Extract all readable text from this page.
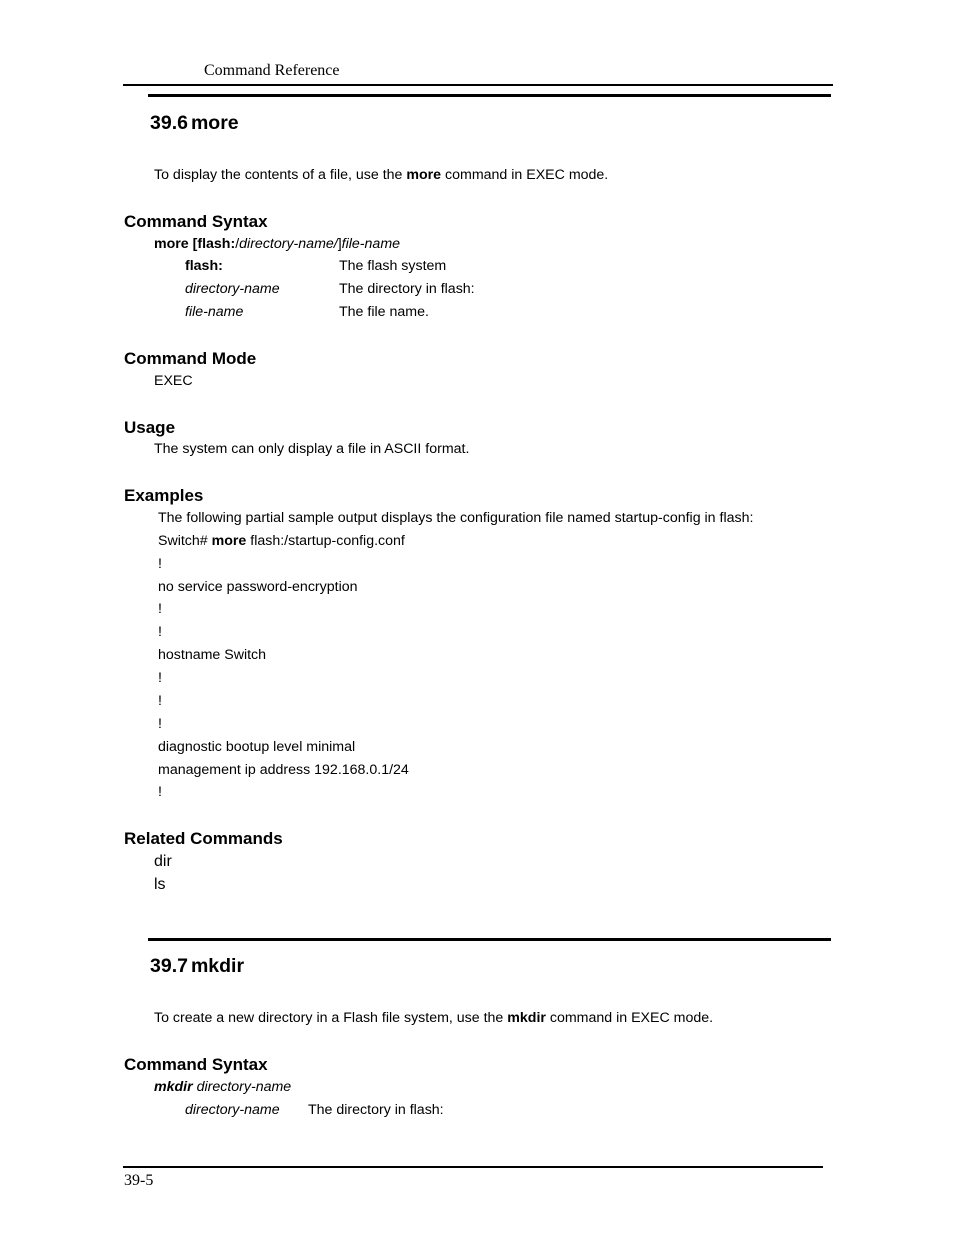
Command Reference
39.6 more
To display the contents of a file, use the more command in EXEC mode.
Command Syntax
more [flash:/directory-name/]file-name
flash:	The flash system
directory-name	The directory in flash:
file-name	The file name.
Command Mode
EXEC
Usage
The system can only display a file in ASCII format.
Examples
The following partial sample output displays the configuration file named startup-config in flash:
Switch# more flash:/startup-config.conf
!
no service password-encryption
!
!
hostname Switch
!
!
!
diagnostic bootup level minimal
management ip address 192.168.0.1/24
!
Related Commands
dir
ls
39.7 mkdir
To create a new directory in a Flash file system, use the mkdir command in EXEC mode.
Command Syntax
mkdir directory-name
directory-name The directory in flash:
39-5
